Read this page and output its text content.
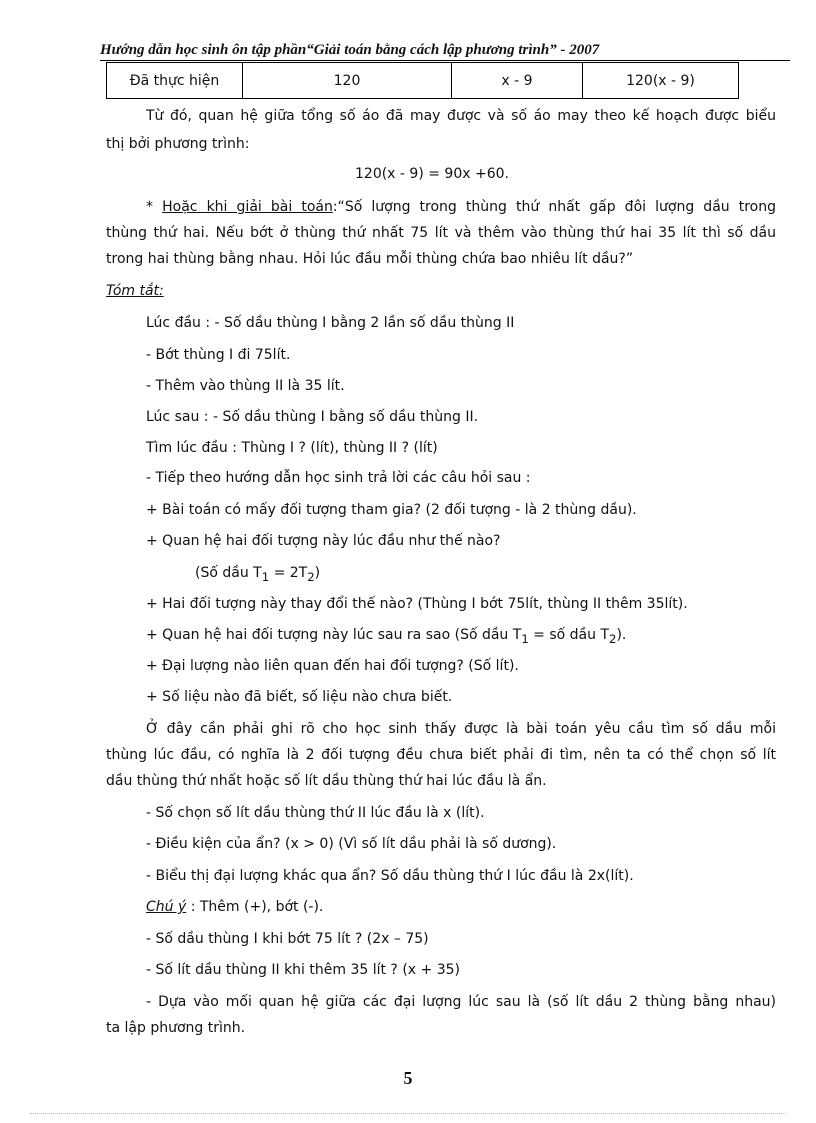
Hướng dẫn học sinh ôn tập phần“Giải toán bằng cách lập phương trình” - 2007
Đã thực hiện	120	x - 9	120(x - 9)
Từ đó, quan hệ giữa tổng số áo đã may được và số áo may theo kế hoạch được biểu
thị bởi phương trình:
120(x - 9) = 90x +60.
* Hoặc khi giải bài toán:“Số lượng trong thùng thứ nhất gấp đôi lượng dầu trong
thùng thứ hai. Nếu bớt ở thùng thứ nhất 75 lít và thêm vào thùng thứ hai 35 lít thì số dầu
trong hai thùng bằng nhau. Hỏi lúc đầu mỗi thùng chứa bao nhiêu lít dầu?”
Tóm tắt:
Lúc đầu : - Số dầu thùng I bằng 2 lần số dầu thùng II
- Bớt thùng I đi 75lít.
- Thêm vào thùng II là 35 lít.
Lúc sau : - Số dầu thùng I bằng số dầu thùng II.
Tìm lúc đầu : Thùng I ? (lít), thùng II ? (lít)
- Tiếp theo hướng dẫn học sinh trả lời các câu hỏi sau :
+ Bài toán có mấy đối tượng tham gia? (2 đối tượng - là 2 thùng dầu).
+ Quan hệ hai đối tượng này lúc đầu như thế nào?
(Số dầu $T_1 = 2T_2$)
+ Hai đối tượng này thay đổi thế nào? (Thùng I bớt 75lít, thùng II thêm 35lít).
+ Quan hệ hai đối tượng này lúc sau ra sao (Số dầu $T_1$ = số dầu $T_2$).
+ Đại lượng nào liên quan đến hai đối tượng? (Số lít).
+ Số liệu nào đã biết, số liệu nào chưa biết.
Ở đây cần phải ghi rõ cho học sinh thấy được là bài toán yêu cầu tìm số dầu mỗi
thùng lúc đầu, có nghĩa là 2 đối tượng đều chưa biết phải đi tìm, nên ta có thể chọn số lít
dầu thùng thứ nhất hoặc số lít dầu thùng thứ hai lúc đầu là ẩn.
- Số chọn số lít dầu thùng thứ II lúc đầu là x (lít).
- Điều kiện của ẩn? (x > 0) (Vì số lít dầu phải là số dương).
- Biểu thị đại lượng khác qua ẩn? Số dầu thùng thứ I lúc đầu là 2x(lít).
Chú ý : Thêm (+), bớt (-).
- Số dầu thùng I khi bớt 75 lít ? (2x – 75)
- Số lít dầu thùng II khi thêm 35 lít ? (x + 35)
- Dựa vào mối quan hệ giữa các đại lượng lúc sau là (số lít dầu 2 thùng bằng nhau)
ta lập phương trình.
5
